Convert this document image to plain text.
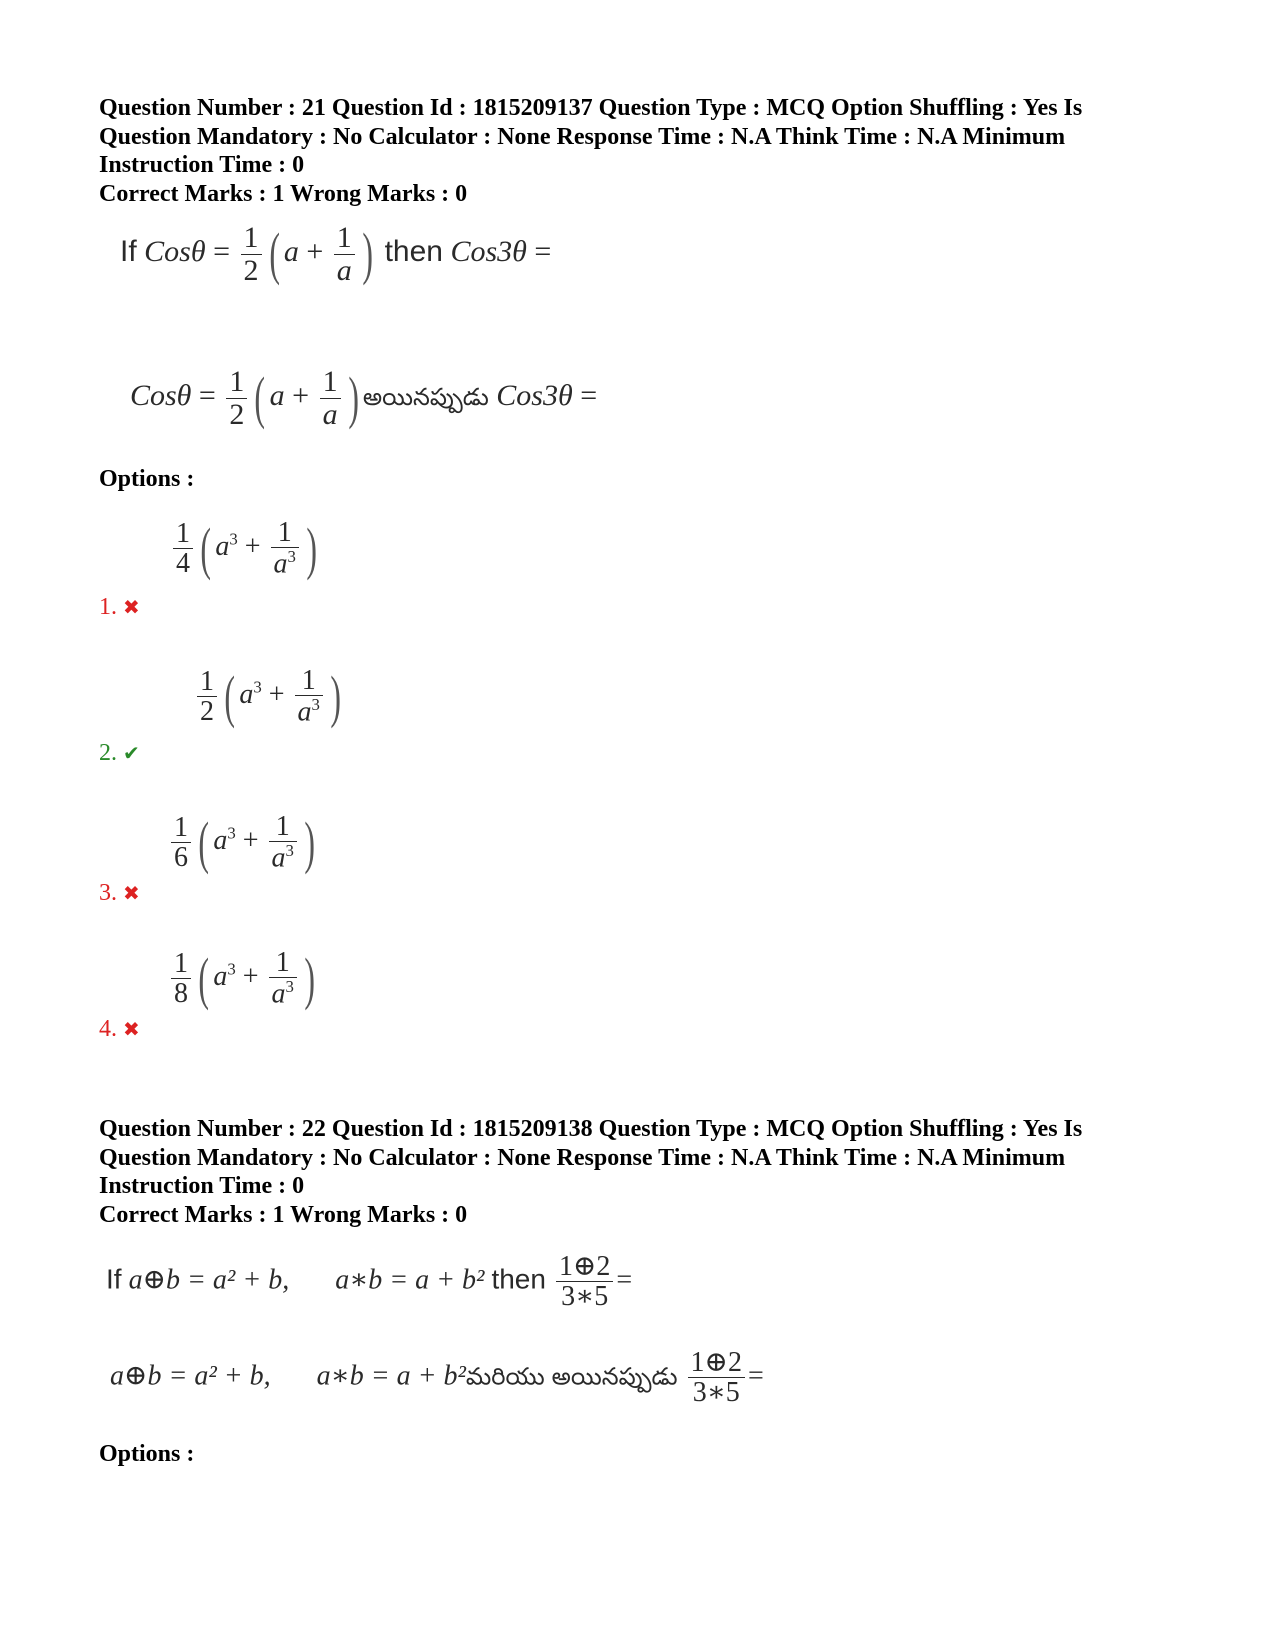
Question Number : 21 Question Id : 1815209137 Question Type : MCQ Option Shuffling : Yes Is Question Mandatory : No Calculator : None Response Time : N.A Think Time : N.A Minimum Instruction Time : 0
Correct Marks : 1 Wrong Marks : 0
If $Cos\theta = \frac{1}{2}$ ( $a + \frac{1}{a}$ ) then Cos3θ =
$Cos\theta = \frac{1}{2}$ ( $a + \frac{1}{a}$ ) అయినప్పుడు Cos3θ =
Options :
$\frac{1}{4}$ ( $a^3 + \frac{1}{a^3}$ )
1. ✖
$\frac{1}{2}$ ( $a^3 + \frac{1}{a^3}$ )
2. ✔
$\frac{1}{6}$ ( $a^3 + \frac{1}{a^3}$ )
3. ✖
$\frac{1}{8}$ ( $a^3 + \frac{1}{a^3}$ )
4. ✖
Question Number : 22 Question Id : 1815209138 Question Type : MCQ Option Shuffling : Yes Is Question Mandatory : No Calculator : None Response Time : N.A Think Time : N.A Minimum Instruction Time : 0
Correct Marks : 1 Wrong Marks : 0
If a⊕b = a² + b, a∗b = a + b² then $\frac{1\oplus 2}{3∗5}$ =
a⊕b = a² + b, a∗b = a + b²మరియు అయినప్పుడు $\frac{1\oplus 2}{3∗5}$ =
Options :
